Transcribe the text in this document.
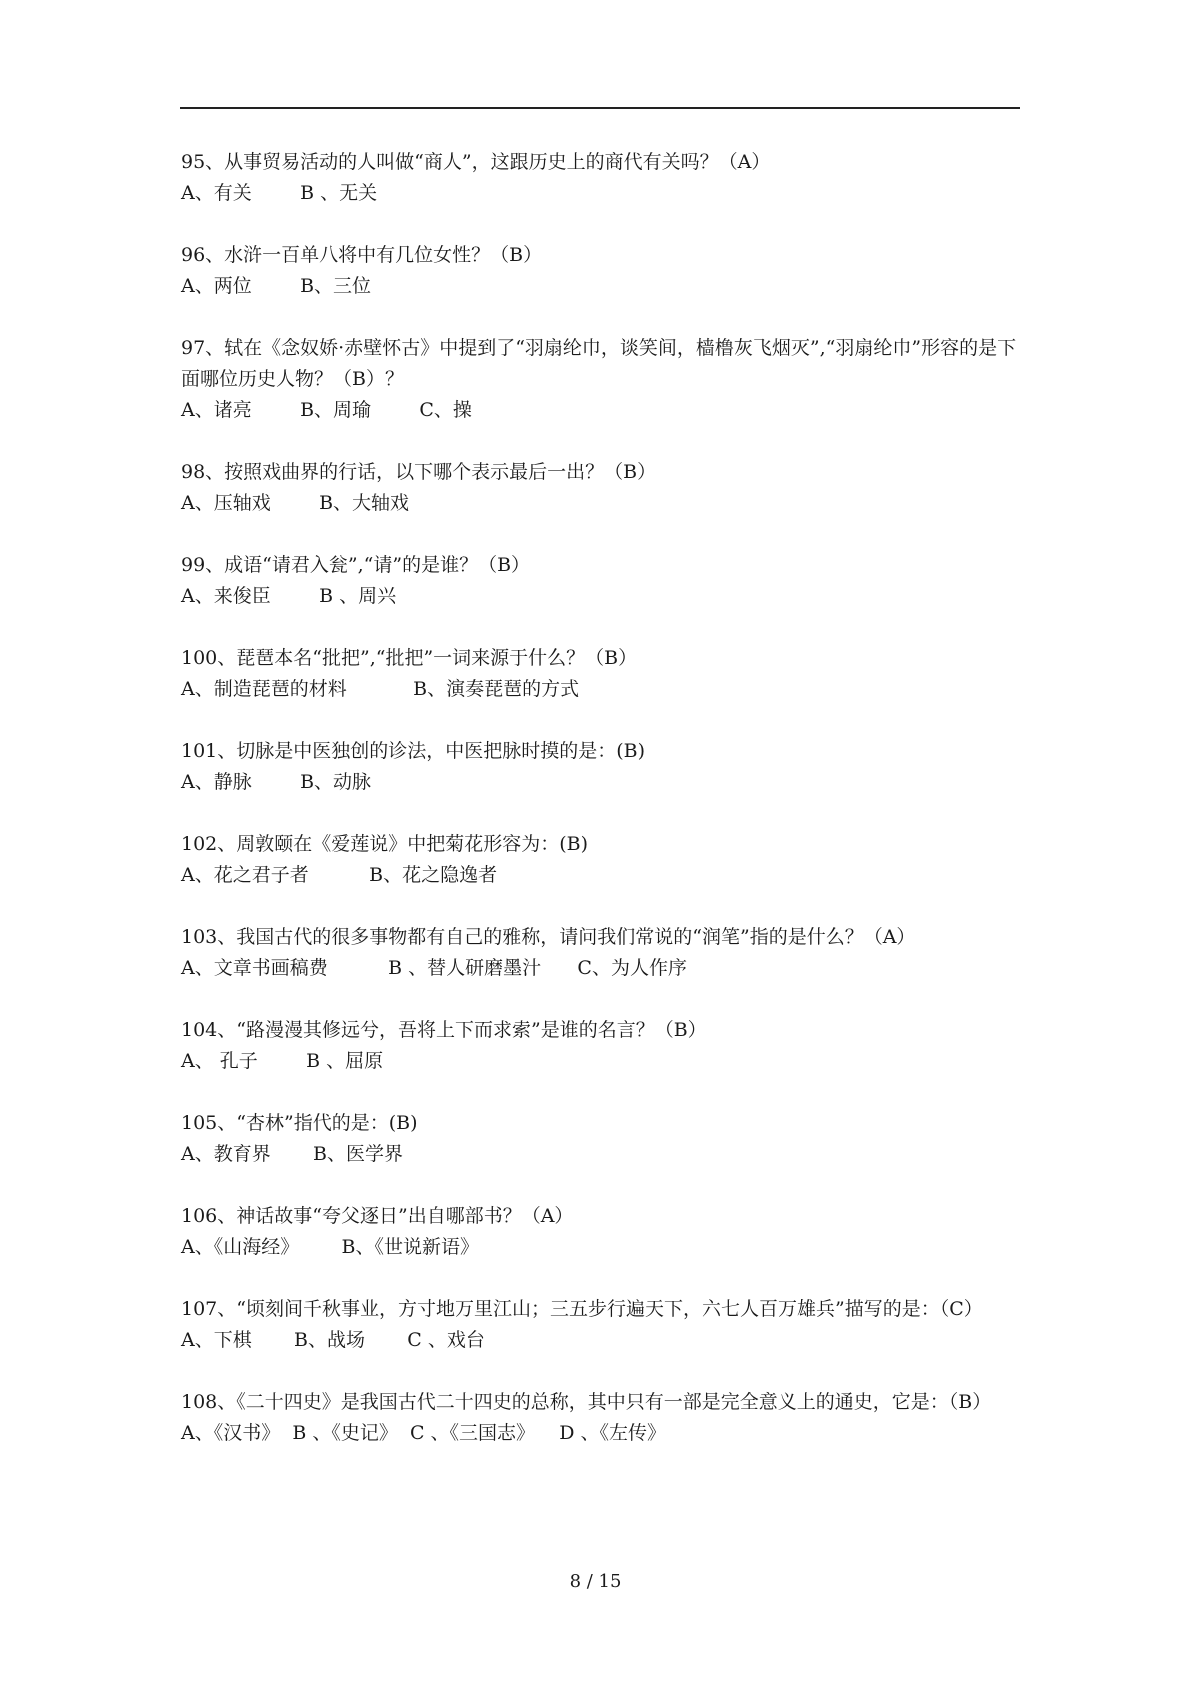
95、从事贸易活动的人叫做“商人”，这跟历史上的商代有关吗？（A）

A、有关	B 、无关

96、水浒一百单八将中有几位女性？（B）

A、两位	B、三位

97、轼在《念奴娇·赤壁怀古》中提到了“羽扇纶巾，谈笑间，樯橹灰飞烟灭”,“羽扇纶巾”形容的是下面哪位历史人物？（B）？

A、诸亮	B、周瑜	C、操

98、按照戏曲界的行话，以下哪个表示最后一出？（B）

A、压轴戏	B、大轴戏

99、成语“请君入瓮”,“请”的是谁？（B）

A、来俊臣	B 、周兴

100、琵琶本名“批把”,“批把”一词来源于什么？（B）

A、制造琵琶的材料	B、演奏琵琶的方式

101、切脉是中医独创的诊法，中医把脉时摸的是：(B)

A、静脉	B、动脉

102、周敦颐在《爱莲说》中把菊花形容为：(B)

A、花之君子者	B、花之隐逸者

103、我国古代的很多事物都有自己的雅称，请问我们常说的“润笔”指的是什么？（A）

A、文章书画稿费	B 、替人研磨墨汁 C、为人作序

104、“路漫漫其修远兮，吾将上下而求索”是谁的名言？（B）

A、 孔子	B 、屈原

105、“杏林”指代的是：(B)

A、教育界 B、医学界

106、神话故事“夸父逐日”出自哪部书？（A）

A、《山海经》 B、《世说新语》

107、“顷刻间千秋事业，方寸地万里江山；三五步行遍天下，六七人百万雄兵”描写的是：（C）

A、下棋 B、战场 C 、戏台

108、《二十四史》是我国古代二十四史的总称，其中只有一部是完全意义上的通史，它是：（B）

A、《汉书》 B 、《史记》 C 、《三国志》 D 、《左传》

8 / 15
